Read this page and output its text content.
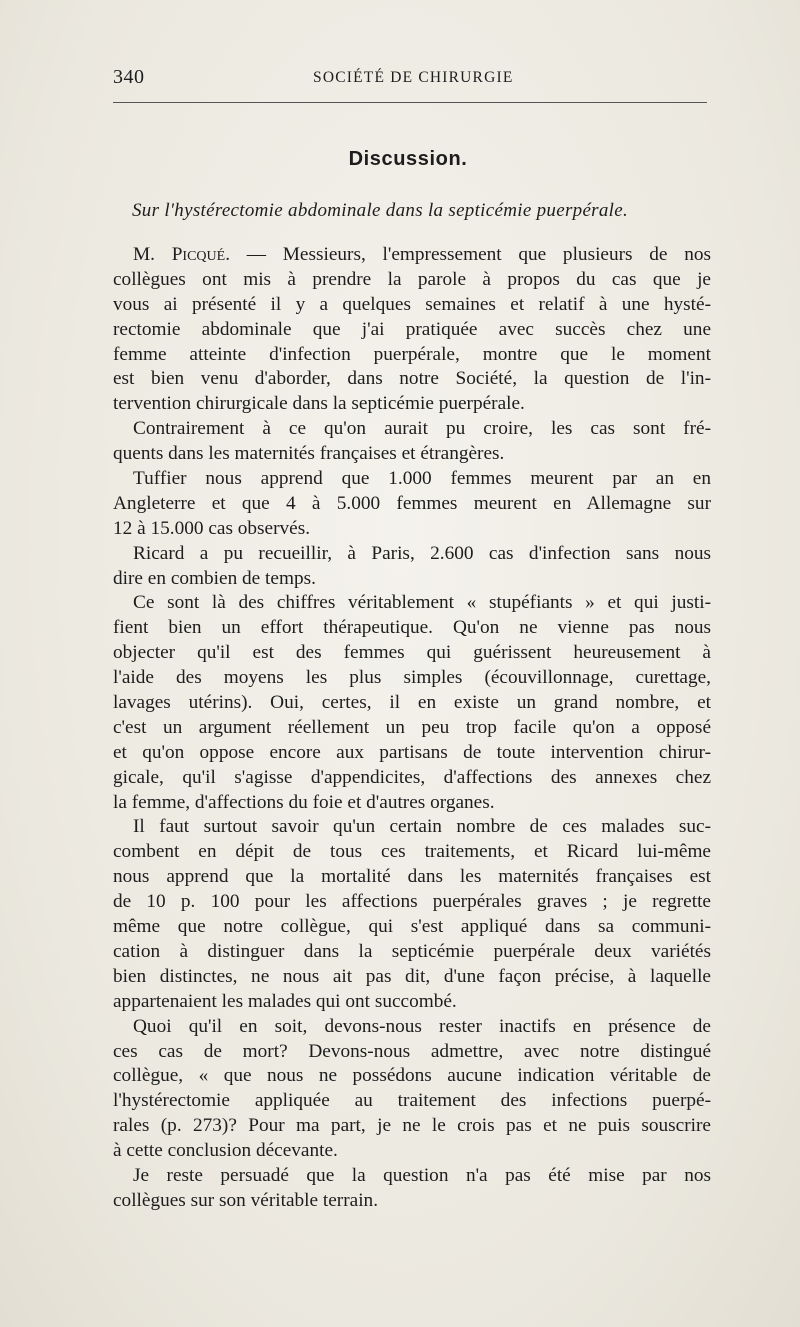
340	SOCIÉTÉ DE CHIRURGIE
Discussion.
Sur l'hystérectomie abdominale dans la septicémie puerpérale.
M. Picqué. — Messieurs, l'empressement que plusieurs de nos
collègues ont mis à prendre la parole à propos du cas que je
vous ai présenté il y a quelques semaines et relatif à une hysté-
rectomie abdominale que j'ai pratiquée avec succès chez une
femme atteinte d'infection puerpérale, montre que le moment
est bien venu d'aborder, dans notre Société, la question de l'in-
tervention chirurgicale dans la septicémie puerpérale.
Contrairement à ce qu'on aurait pu croire, les cas sont fré-
quents dans les maternités françaises et étrangères.
Tuffier nous apprend que 1.000 femmes meurent par an en
Angleterre et que 4 à 5.000 femmes meurent en Allemagne sur
12 à 15.000 cas observés.
Ricard a pu recueillir, à Paris, 2.600 cas d'infection sans nous
dire en combien de temps.
Ce sont là des chiffres véritablement « stupéfiants » et qui justi-
fient bien un effort thérapeutique. Qu'on ne vienne pas nous
objecter qu'il est des femmes qui guérissent heureusement à
l'aide des moyens les plus simples (écouvillonnage, curettage,
lavages utérins). Oui, certes, il en existe un grand nombre, et
c'est un argument réellement un peu trop facile qu'on a opposé
et qu'on oppose encore aux partisans de toute intervention chirur-
gicale, qu'il s'agisse d'appendicites, d'affections des annexes chez
la femme, d'affections du foie et d'autres organes.
Il faut surtout savoir qu'un certain nombre de ces malades suc-
combent en dépit de tous ces traitements, et Ricard lui-même
nous apprend que la mortalité dans les maternités françaises est
de 10 p. 100 pour les affections puerpérales graves ; je regrette
même que notre collègue, qui s'est appliqué dans sa communi-
cation à distinguer dans la septicémie puerpérale deux variétés
bien distinctes, ne nous ait pas dit, d'une façon précise, à laquelle
appartenaient les malades qui ont succombé.
Quoi qu'il en soit, devons-nous rester inactifs en présence de
ces cas de mort? Devons-nous admettre, avec notre distingué
collègue, « que nous ne possédons aucune indication véritable de
l'hystérectomie appliquée au traitement des infections puerpé-
rales (p. 273)? Pour ma part, je ne le crois pas et ne puis souscrire
à cette conclusion décevante.
Je reste persuadé que la question n'a pas été mise par nos
collègues sur son véritable terrain.
